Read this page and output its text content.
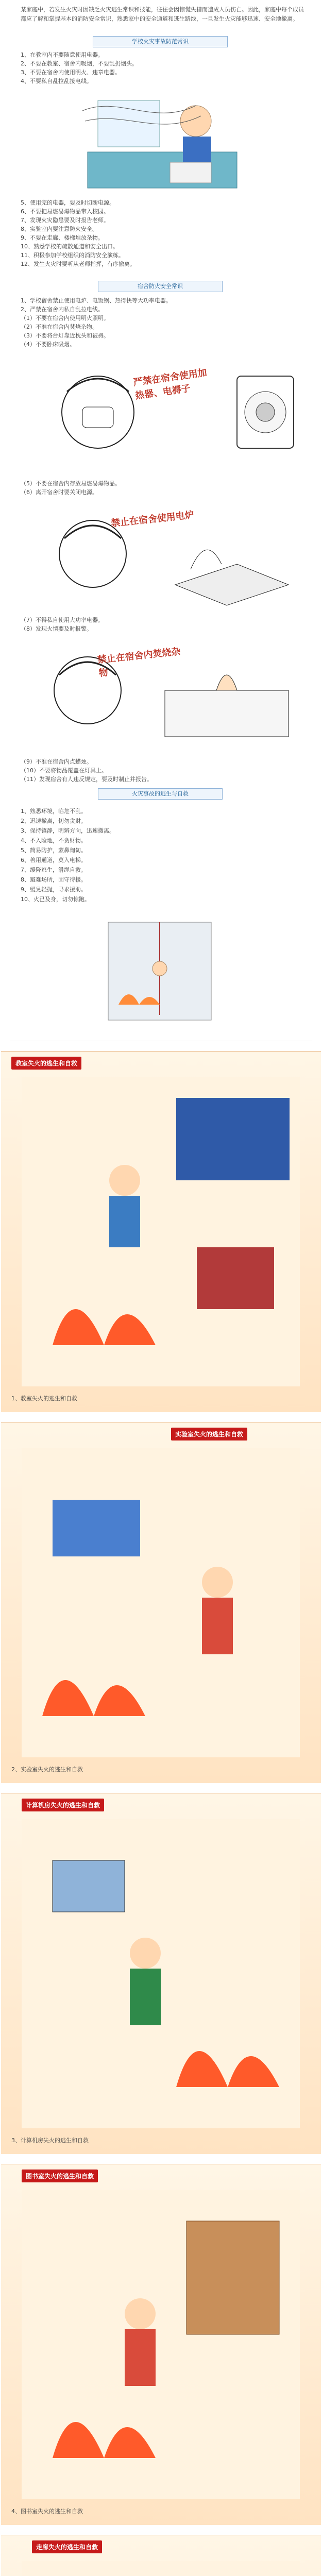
某家庭中，若发生火灾时因缺乏火灾逃生常识和技能，往往会因惊慌失措而造成人员伤亡。因此，家庭中每个成员都应了解和掌握基本的消防安全常识，熟悉家中的安全通道和逃生路线，一旦发生火灾能够迅速、安全地撤离。
学校火灾事故防范常识
1、在教室内不要随意使用电器。
2、不要在教室、宿舍内吸烟，不要乱扔烟头。
3、不要在宿舍内使用明火、违章电器。
4、不要私自乱拉乱接电线。
5、使用完的电器，要及时切断电源。
6、不要把易燃易爆物品带入校园。
7、发现火灾隐患要及时报告老师。
8、实验室内要注意防火安全。
9、不要在走廊、楼梯堆放杂物。
10、熟悉学校的疏散通道和安全出口。
11、积极参加学校组织的消防安全演练。
12、发生火灾时要听从老师指挥，有序撤离。
宿舍防火安全常识
1、学校宿舍禁止使用电炉、电饭锅、热得快等大功率电器。
2、严禁在宿舍内私自乱拉电线。
（1）不要在宿舍内使用明火照明。
（2）不准在宿舍内焚烧杂物。
（3）不要将台灯靠近枕头和被褥。
（4）不要卧床吸烟。
严禁在宿舍使用加热器、电褥子
（5）不要在宿舍内存放易燃易爆物品。
（6）离开宿舍时要关闭电源。
禁止在宿舍使用电炉
（7）不得私自使用大功率电器。
（8）发现火情要及时报警。
禁止在宿舍内焚烧杂物
（9）不准在宿舍内点蜡烛。
（10）不要将物品覆盖在灯具上。
（11）发现宿舍有人违反规定，要及时制止并报告。
火灾事故的逃生与自救
1、熟悉环境，临危不乱。
2、迅速撤离，切勿贪财。
3、保持镇静，明辨方向，迅速撤离。
4、不入险地，不贪财物。
5、简易防护，蒙鼻匍匐。
6、善用通道，莫入电梯。
7、缓降逃生，滑绳自救。
8、避难场所，固守待援。
9、缓晃轻抛，寻求援助。
10、火已及身，切勿惊跑。
教室失火的逃生和自救
1、教室失火的逃生和自救
实验室失火的逃生和自救
2、实验室失火的逃生和自救
计算机房失火的逃生和自救
3、计算机房失火的逃生和自救
图书室失火的逃生和自救
4、图书室失火的逃生和自救
走廊失火的逃生和自救
